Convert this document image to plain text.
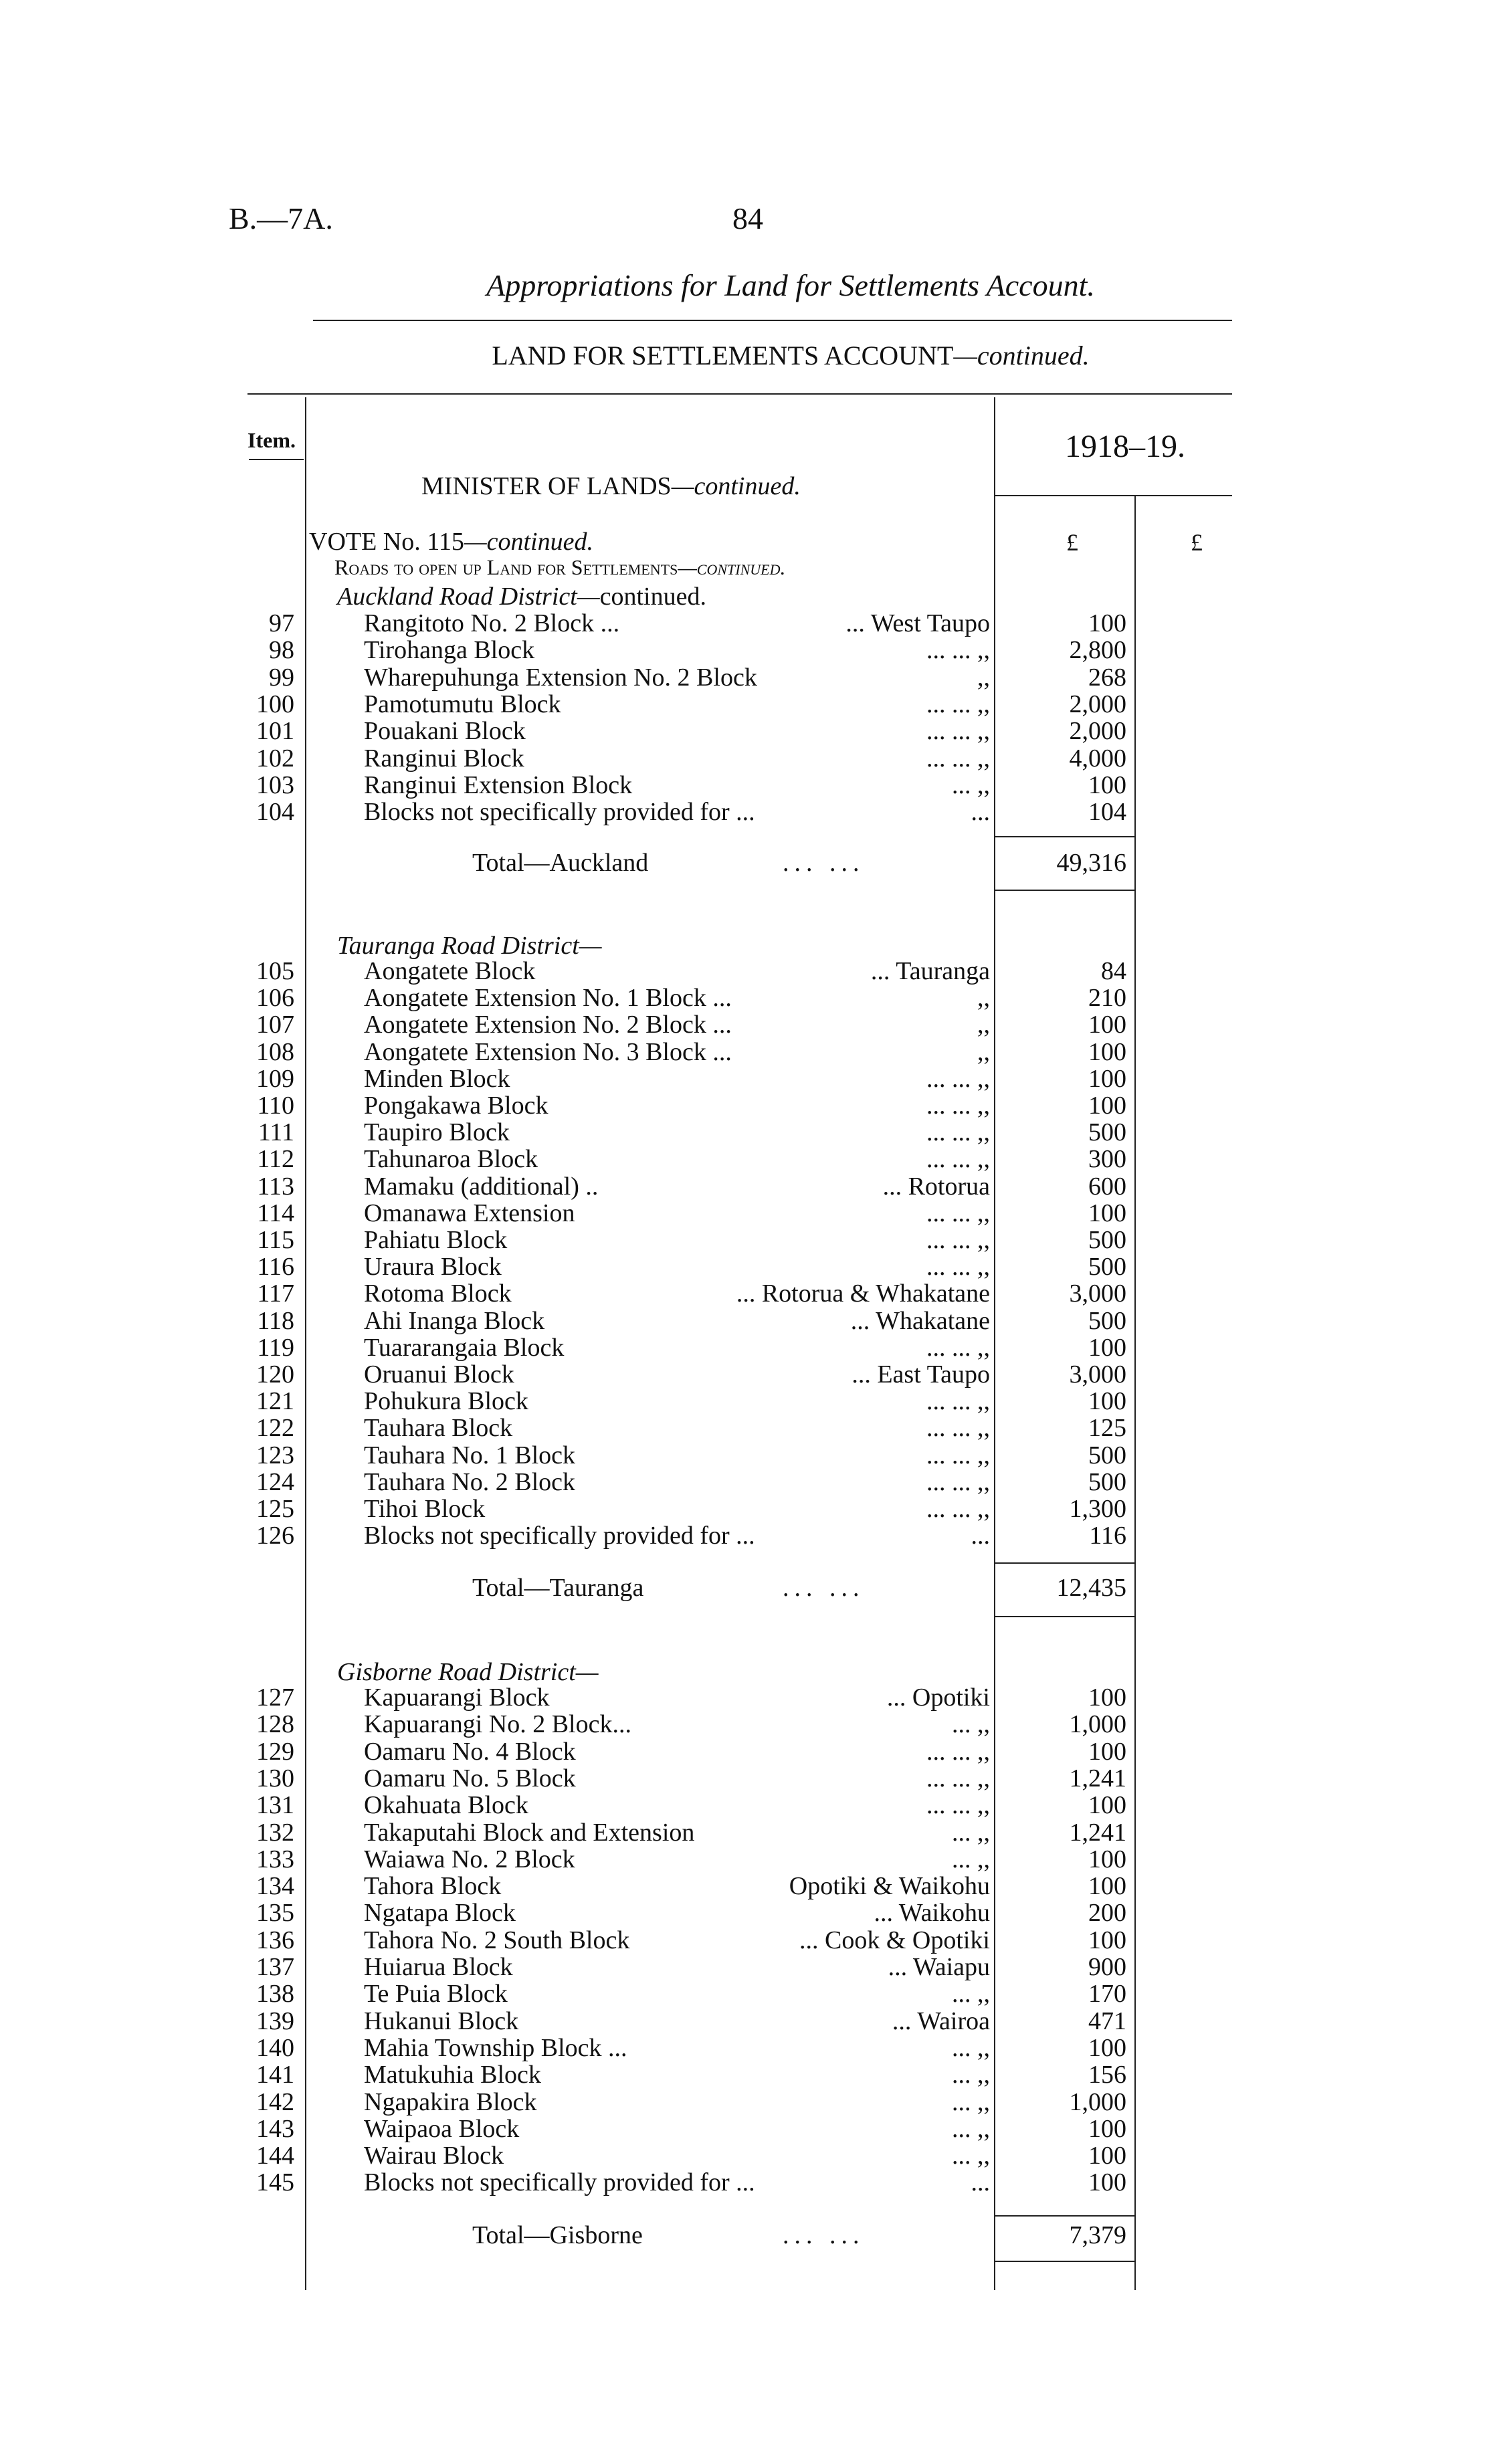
B.—7A.	84
Appropriations for Land for Settlements Account.
LAND FOR SETTLEMENTS ACCOUNT—continued.
Item.	1918–19.
MINISTER OF LANDS—continued.
£	£
VOTE No. 115—continued.
Roads to open up Land for Settlements—continued.
Auckland Road District—continued.
97	Rangitoto No. 2 Block ...	... West Taupo	100
98	Tirohanga Block	... ... ,,	2,800
99	Wharepuhunga Extension No. 2 Block	,,	268
100	Pamotumutu Block	... ... ,,	2,000
101	Pouakani Block	... ... ,,	2,000
102	Ranginui Block	... ... ,,	4,000
103	Ranginui Extension Block	... ,,	100
104	Blocks not specifically provided for ...	...	104
Total—Auckland	... ...	49,316
Tauranga Road District—
105	Aongatete Block	... Tauranga	84
106	Aongatete Extension No. 1 Block ...	,,	210
107	Aongatete Extension No. 2 Block ...	,,	100
108	Aongatete Extension No. 3 Block ...	,,	100
109	Minden Block	... ... ,,	100
110	Pongakawa Block	... ... ,,	100
111	Taupiro Block	... ... ,,	500
112	Tahunaroa Block	... ... ,,	300
113	Mamaku (additional) ..	... Rotorua	600
114	Omanawa Extension	... ... ,,	100
115	Pahiatu Block	... ... ,,	500
116	Uraura Block	... ... ,,	500
117	Rotoma Block	... Rotorua & Whakatane	3,000
118	Ahi Inanga Block	... Whakatane	500
119	Tuararangaia Block	... ... ,,	100
120	Oruanui Block	... East Taupo	3,000
121	Pohukura Block	... ... ,,	100
122	Tauhara Block	... ... ,,	125
123	Tauhara No. 1 Block	... ... ,,	500
124	Tauhara No. 2 Block	... ... ,,	500
125	Tihoi Block	... ... ,,	1,300
126	Blocks not specifically provided for ...	...	116
Total—Tauranga	... ...	12,435
Gisborne Road District—
127	Kapuarangi Block	... Opotiki	100
128	Kapuarangi No. 2 Block...	... ,,	1,000
129	Oamaru No. 4 Block	... ... ,,	100
130	Oamaru No. 5 Block	... ... ,,	1,241
131	Okahuata Block	... ... ,,	100
132	Takaputahi Block and Extension	... ,,	1,241
133	Waiawa No. 2 Block	... ,,	100
134	Tahora Block	Opotiki & Waikohu	100
135	Ngatapa Block	... Waikohu	200
136	Tahora No. 2 South Block	... Cook & Opotiki	100
137	Huiarua Block	... Waiapu	900
138	Te Puia Block	... ,,	170
139	Hukanui Block	... Wairoa	471
140	Mahia Township Block ...	... ,,	100
141	Matukuhia Block	... ,,	156
142	Ngapakira Block	... ,,	1,000
143	Waipaoa Block	... ,,	100
144	Wairau Block	... ,,	100
145	Blocks not specifically provided for ...	...	100
Total—Gisborne	... ...	7,379
